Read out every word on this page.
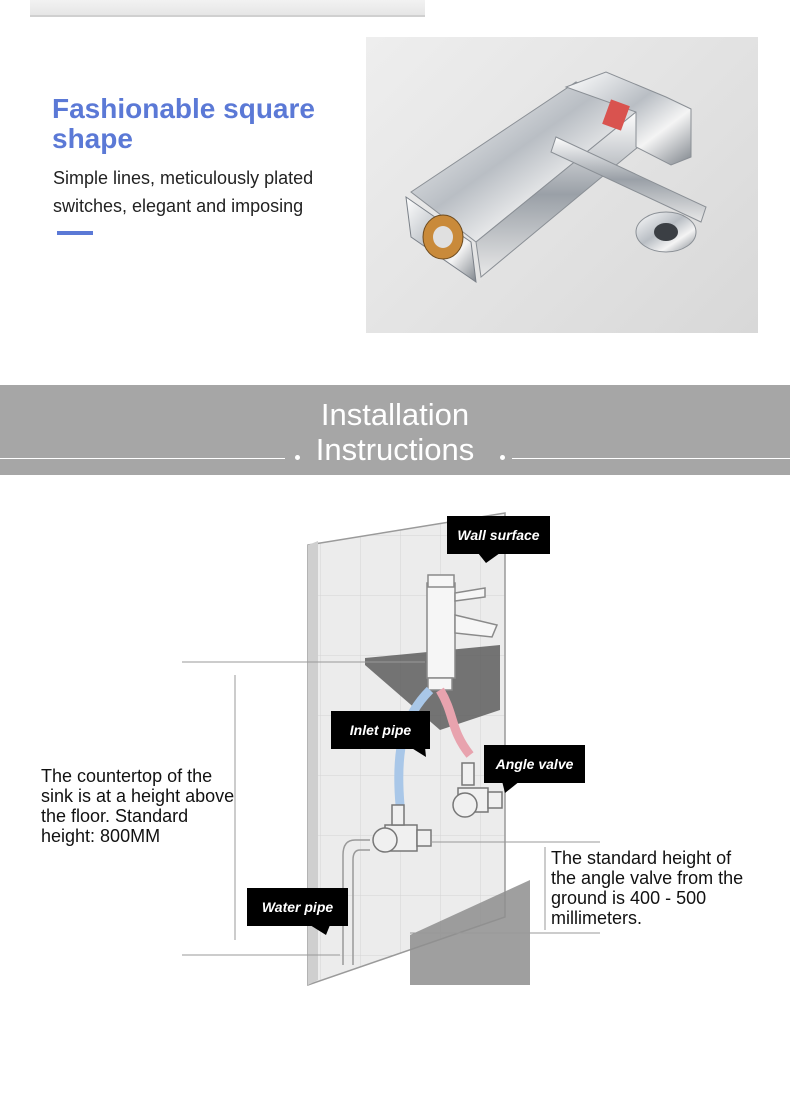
Fashionable square shape

Simple lines, meticulously plated switches, elegant and imposing

Installation
Instructions
Wall surface
Inlet pipe
Angle valve
Water pipe

The countertop of the sink is at a height above the floor. Standard height: 800MM

The standard height of the angle valve from the ground is 400 - 500 millimeters.
